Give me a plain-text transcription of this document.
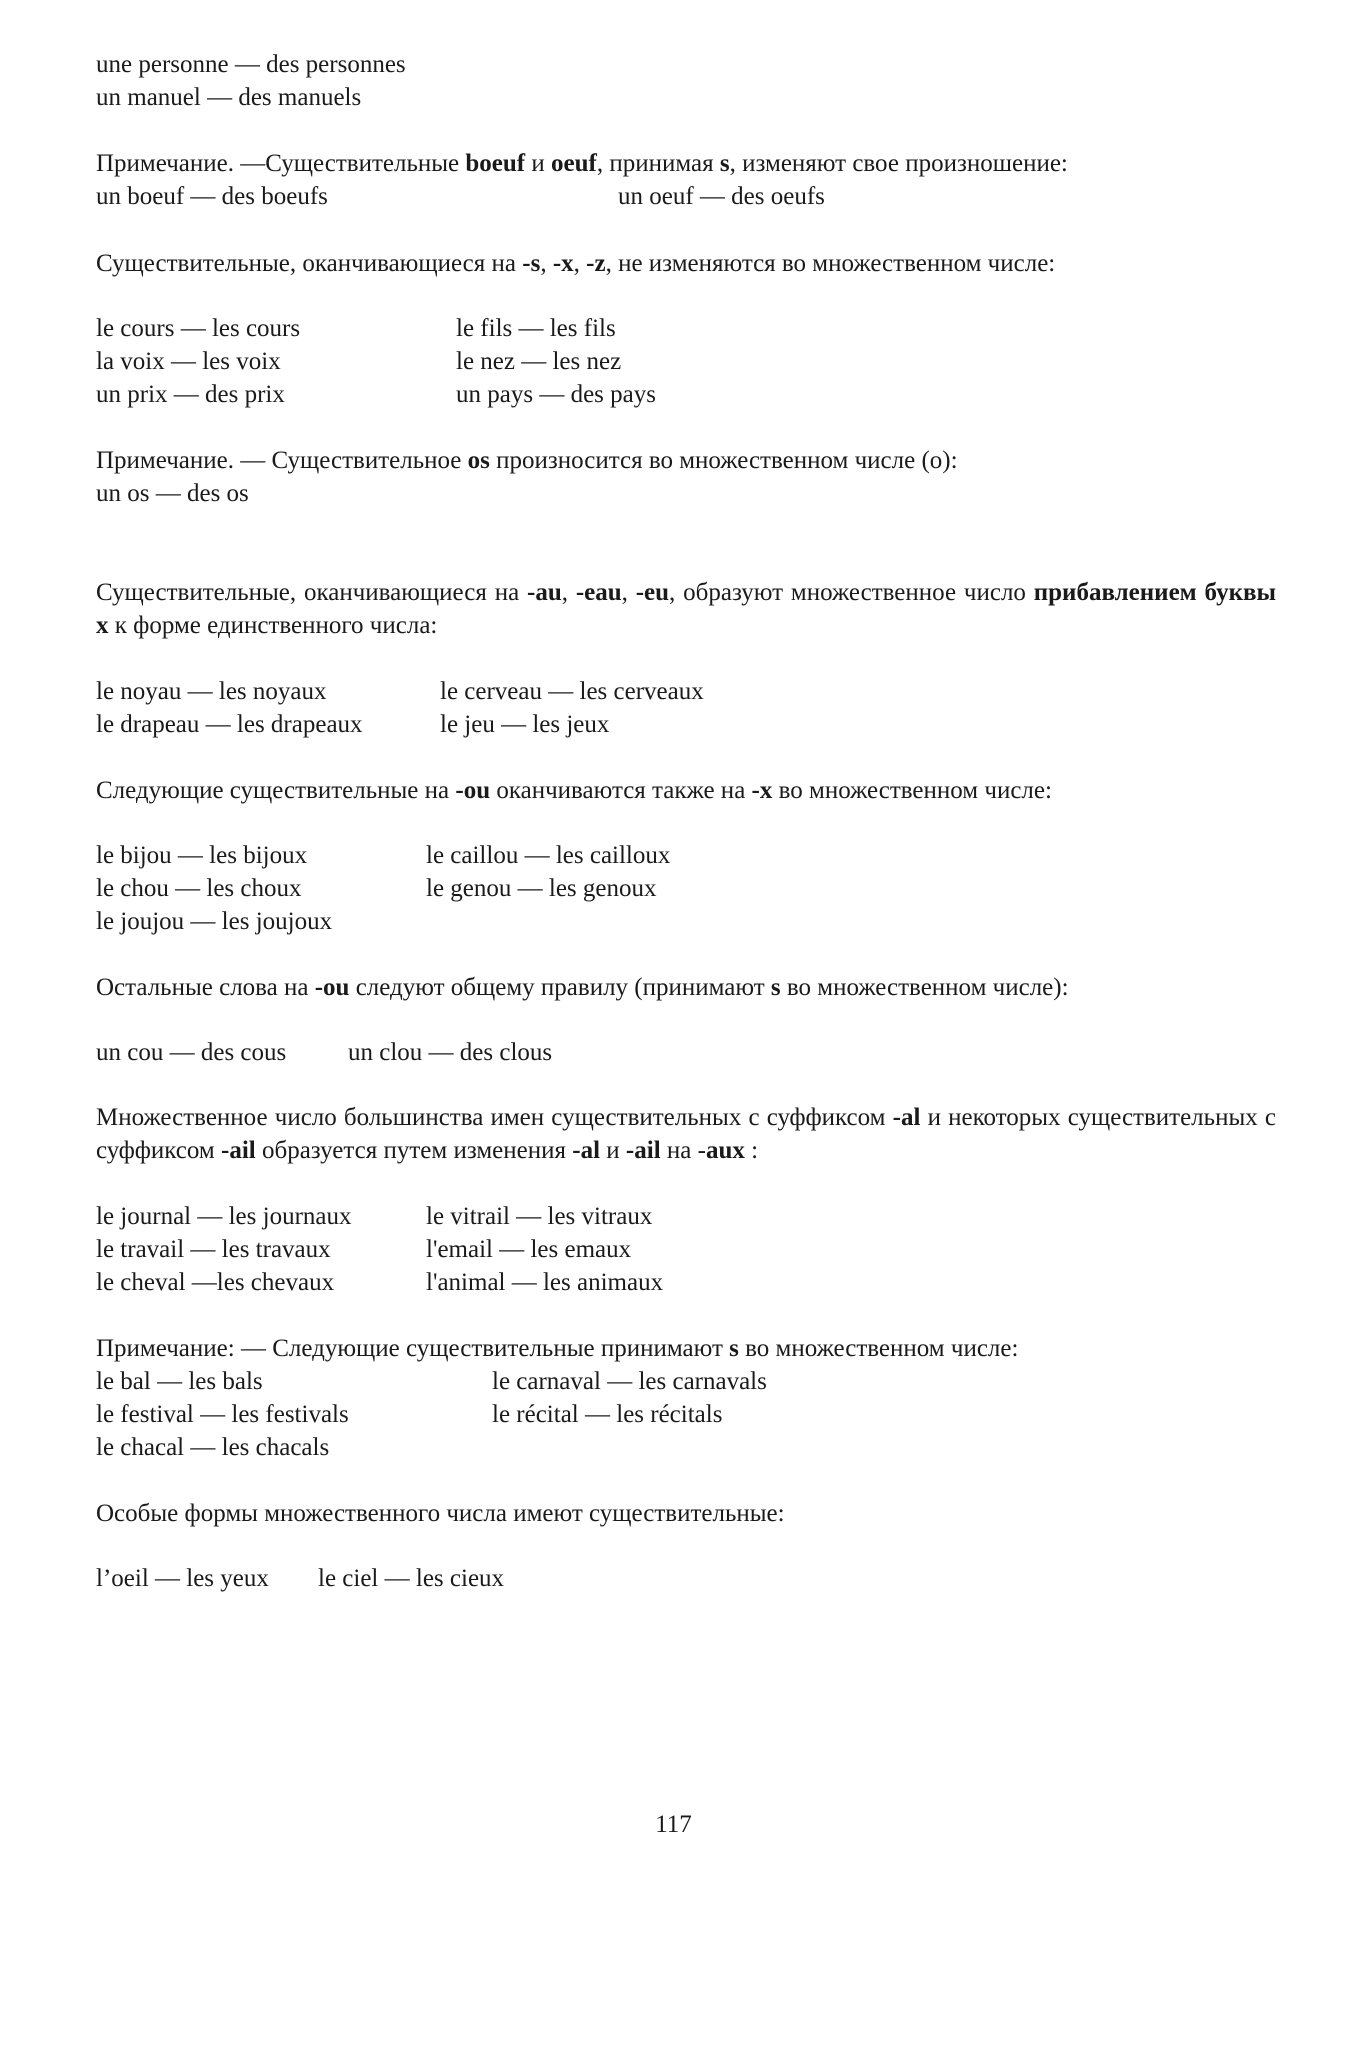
une personne — des personnes
un manuel — des manuels
Примечание. —Существительные boeuf и oeuf, принимая s, изменяют свое произношение:
un boeuf — des boeufs	un oeuf — des oeufs
Существительные, оканчивающиеся на -s, -x, -z, не изменяются во множественном числе:
le cours — les cours	le fils — les fils
la voix — les voix	le nez — les nez
un prix — des prix	un pays — des pays
Примечание. — Существительное os произносится во множественном числе (о):
un os — des os
Существительные, оканчивающиеся на -au, -eau, -eu, образуют множественное число прибавлением буквы x к форме единственного числа:
le noyau — les noyaux	le cerveau — les cerveaux
le drapeau — les drapeaux	le jeu — les jeux
Следующие существительные на -ou оканчиваются также на -x во множественном числе:
le bijou — les bijoux	le caillou — les cailloux
le chou — les choux	le genou — les genoux
le joujou — les joujoux
Остальные слова на -ou следуют общему правилу (принимают s во множественном числе):
un cou — des cous un clou — des clous
Множественное число большинства имен существительных с суффиксом -al и некоторых существительных с суффиксом -ail образуется путем изменения -al и -ail на -aux :
le journal — les journaux	le vitrail — les vitraux
le travail — les travaux	l'email — les emaux
le cheval —les chevaux	l'animal — les animaux
Примечание: — Следующие существительные принимают s во множественном числе:
le bal — les bals	le carnaval — les carnavals
le festival — les festivals	le récital — les récitals
le chacal — les chacals
Особые формы множественного числа имеют существительные:
l’oeil — les yeux le ciel — les cieux
117
